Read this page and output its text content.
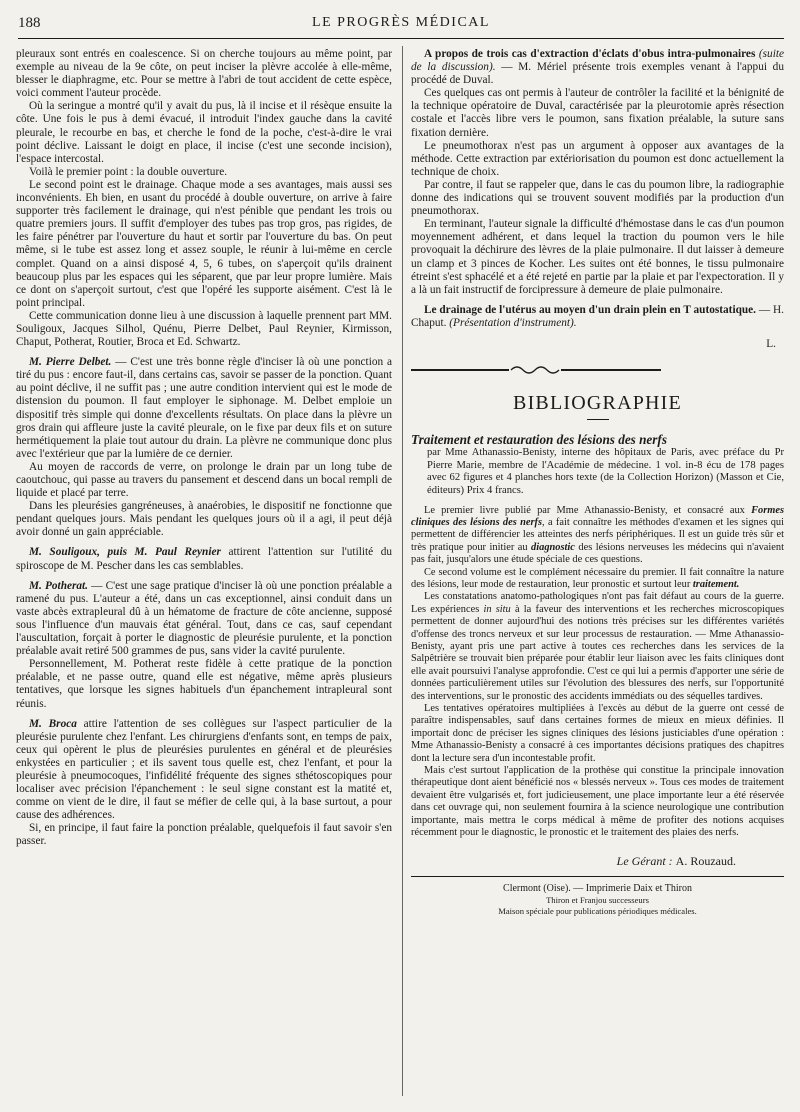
188	LE PROGRÈS MÉDICAL

pleuraux sont entrés en coalescence. Si on cherche toujours au même point, par exemple au niveau de la 9e côte, on peut inciser la plèvre accolée à elle-même, blesser le diaphragme, etc. Pour se mettre à l'abri de tout accident de cette espèce, voici comment l'auteur procède.

Où la seringue a montré qu'il y avait du pus, là il incise et il résèque ensuite la côte. Une fois le pus à demi évacué, il introduit l'index gauche dans la cavité pleurale, le recourbe en bas, et cherche le fond de la poche, c'est-à-dire le vrai point déclive. Laissant le doigt en place, il incise (c'est une seconde incision), l'espace intercostal.

Voilà le premier point : la double ouverture.

Le second point est le drainage. Chaque mode a ses avantages, mais aussi ses inconvénients. Eh bien, en usant du procédé à double ouverture, on arrive à faire supporter très facilement le drainage, qui n'est pénible que pendant les trois ou quatre premiers jours. Il suffit d'employer des tubes pas trop gros, pas rigides, de les faire pénétrer par l'ouverture du haut et sortir par l'ouverture du bas. On peut même, si le tube est assez long et assez souple, le réunir à lui-même en cercle complet. Quand on a ainsi disposé 4, 5, 6 tubes, on s'aperçoit qu'ils drainent beaucoup plus par les espaces qui les séparent, que par leur propre lumière. Mais ce dont on s'aperçoit surtout, c'est que l'opéré les supporte aisément. C'est là le point principal.

Cette communication donne lieu à une discussion à laquelle prennent part MM. Souligoux, Jacques Silhol, Quénu, Pierre Delbet, Paul Reynier, Kirmisson, Chaput, Potherat, Routier, Broca et Ed. Schwartz.

M. Pierre Delbet. — C'est une très bonne règle d'inciser là où une ponction a tiré du pus : encore faut-il, dans certains cas, savoir se passer de la ponction. Quant au point déclive, il ne suffit pas ; une autre condition intervient qui est le mode de distension du poumon. Il faut employer le siphonage. M. Delbet emploie un dispositif très simple qui donne d'excellents résultats. On place dans la plèvre un gros drain qui affleure juste la cavité pleurale, on le fixe par deux fils et on suture hermétiquement la plaie tout autour du drain. La plèvre ne communique donc plus avec l'extérieur que par la lumière de ce dernier.

Au moyen de raccords de verre, on prolonge le drain par un long tube de caoutchouc, qui passe au travers du pansement et descend dans un bocal rempli de liquide et placé par terre.

Dans les pleurésies gangréneuses, à anaérobies, le dispositif ne fonctionne que pendant quelques jours. Mais pendant les quelques jours où il a agi, il peut déjà avoir donné un gain appréciable.

M. Souligoux, puis M. Paul Reynier attirent l'attention sur l'utilité du spiroscope de M. Pescher dans les cas semblables.

M. Potherat. — C'est une sage pratique d'inciser là où une ponction préalable a ramené du pus. L'auteur a été, dans un cas exceptionnel, ainsi conduit dans un vaste abcès extrapleural dû à un hématome de fracture de côte ancienne, supposé sous l'influence d'un mauvais état général. Tout, dans ce cas, sauf cependant l'auscultation, forçait à porter le diagnostic de pleurésie purulente, et la ponction préalable avait retiré 500 grammes de pus, sans vider la cavité purulente.

Personnellement, M. Potherat reste fidèle à cette pratique de la ponction préalable, et ne passe outre, quand elle est négative, même après plusieurs tentatives, que lorsque les signes habituels d'un épanchement intrapleural sont réunis.

M. Broca attire l'attention de ses collègues sur l'aspect particulier de la pleurésie purulente chez l'enfant. Les chirurgiens d'enfants sont, en temps de paix, ceux qui opèrent le plus de pleurésies purulentes en général et de pleurésies enkystées en particulier ; et ils savent tous quelle est, chez l'enfant, et pour la pleurésie à pneumocoques, l'infidélité fréquente des signes sthétoscopiques pour localiser avec précision l'épanchement : le seul signe constant est la matité et, comme on vient de le dire, il faut se méfier de celle qui, à la base surtout, a pour cause des adhérences.

Si, en principe, il faut faire la ponction préalable, quelquefois il faut savoir s'en passer.

A propos de trois cas d'extraction d'éclats d'obus intra-pulmonaires (suite de la discussion). — M. Mériel présente trois exemples venant à l'appui du procédé de Duval.

Ces quelques cas ont permis à l'auteur de contrôler la facilité et la bénignité de la technique opératoire de Duval, caractérisée par la pleurotomie après résection costale et l'accès libre vers le poumon, sans fixation préalable, la suture sans fixation dernière.

Le pneumothorax n'est pas un argument à opposer aux avantages de la méthode. Cette extraction par extériorisation du poumon est donc actuellement la technique de choix.

Par contre, il faut se rappeler que, dans le cas du poumon libre, la radiographie donne des indications qui se trouvent souvent modifiés par la production d'un pneumothorax.

En terminant, l'auteur signale la difficulté d'hémostase dans le cas d'un poumon moyennement adhérent, et dans lequel la traction du poumon vers le hile provoquait la déchirure des lèvres de la plaie pulmonaire. Il dut laisser à demeure un clamp et 3 pinces de Kocher. Les suites ont été bonnes, le tissu pulmonaire étreint s'est sphacélé et a été rejeté en partie par la plaie et par l'expectoration. Il y a là un fait instructif de forcipressure à demeure de plaie pulmonaire.

Le drainage de l'utérus au moyen d'un drain plein en T autostatique. — H. Chaput. (Présentation d'instrument).

L.
BIBLIOGRAPHIE

Traitement et restauration des lésions des nerfs

par Mme Athanassio-Benisty, interne des hôpitaux de Paris, avec préface du Pr Pierre Marie, membre de l'Académie de médecine. 1 vol. in-8 écu de 178 pages avec 62 figures et 4 planches hors texte (de la Collection Horizon) (Masson et Cie, éditeurs) Prix 4 francs.

Le premier livre publié par Mme Athanassio-Benisty, et consacré aux Formes cliniques des lésions des nerfs, a fait connaître les méthodes d'examen et les signes qui permettent de différencier les atteintes des nerfs périphériques. Il est un guide très sûr et très pratique pour initier au diagnostic des lésions nerveuses les médecins qui n'avaient pas fait, jusqu'alors une étude spéciale de ces questions.

Ce second volume est le complément nécessaire du premier. Il fait connaître la nature des lésions, leur mode de restauration, leur pronostic et surtout leur traitement.

Les constatations anatomo-pathologiques n'ont pas fait défaut au cours de la guerre. Les expériences in situ à la faveur des interventions et les recherches microscopiques permettent de donner aujourd'hui des notions très précises sur les différentes variétés d'offense des troncs nerveux et sur leur processus de restauration. — Mme Athanassio-Benisty, ayant pris une part active à toutes ces recherches dans les services de la Salpêtrière se trouvait bien préparée pour établir leur liaison avec les faits cliniques dont elle avait poursuivi l'analyse approfondie. C'est ce qui lui a permis d'apporter une série de données particulièrement utiles sur l'évolution des blessures des nerfs, sur l'opportunité des interventions, sur le pronostic des accidents immédiats ou des séquelles tardives.

Les tentatives opératoires multipliées à l'excès au début de la guerre ont cessé de paraître indispensables, sauf dans certaines formes de mieux en mieux définies. Il importait donc de préciser les signes cliniques des lésions justiciables d'une opération : Mme Athanassio-Benisty a consacré à ces importantes décisions pratiques des chapitres dont la lecture sera d'un incontestable profit.

Mais c'est surtout l'application de la prothèse qui constitue la principale innovation thérapeutique dont aient bénéficié nos « blessés nerveux ». Tous ces modes de traitement devaient être vulgarisés et, fort judicieusement, une place importante leur a été réservée dans cet ouvrage qui, non seulement fournira à la science neurologique une contribution importante, mais mettra le corps médical à même de profiter des notions acquises récemment pour le diagnostic, le pronostic et le traitement des plaies des nerfs.

Le Gérant : A. Rouzaud.

Clermont (Oise). — Imprimerie Daix et Thiron

Thiron et Franjou successeurs

Maison spéciale pour publications périodiques médicales.
